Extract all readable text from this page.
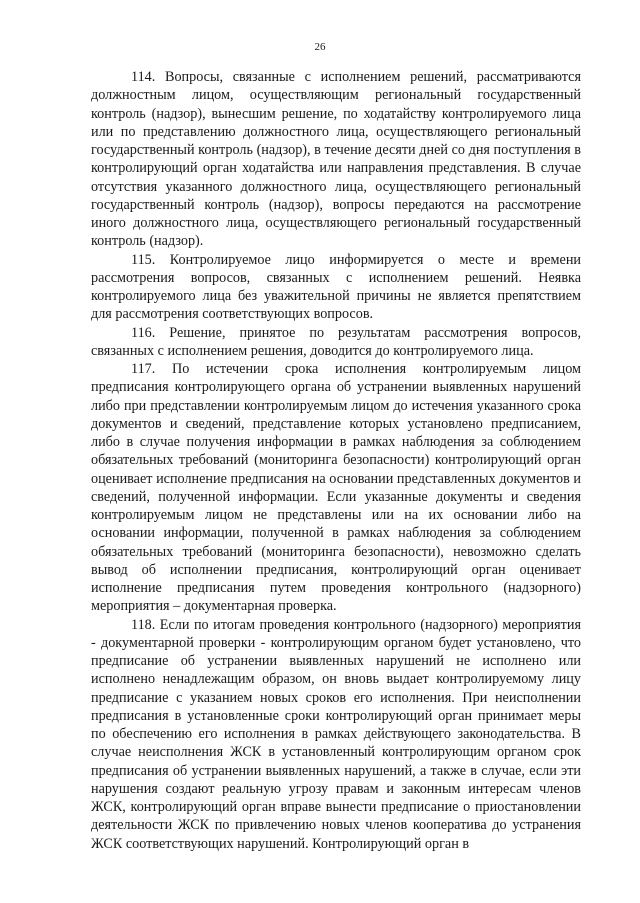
26

114. Вопросы, связанные с исполнением решений, рассматриваются должностным лицом, осуществляющим региональный государственный контроль (надзор), вынесшим решение, по ходатайству контролируемого лица или по представлению должностного лица, осуществляющего региональный государственный контроль (надзор), в течение десяти дней со дня поступления в контролирующий орган ходатайства или направления представления. В случае отсутствия указанного должностного лица, осуществляющего региональный государственный контроль (надзор), вопросы передаются на рассмотрение иного должностного лица, осуществляющего региональный государственный контроль (надзор).

115. Контролируемое лицо информируется о месте и времени рассмотрения вопросов, связанных с исполнением решений. Неявка контролируемого лица без уважительной причины не является препятствием для рассмотрения соответствующих вопросов.

116. Решение, принятое по результатам рассмотрения вопросов, связанных с исполнением решения, доводится до контролируемого лица.

117. По истечении срока исполнения контролируемым лицом предписания контролирующего органа об устранении выявленных нарушений либо при представлении контролируемым лицом до истечения указанного срока документов и сведений, представление которых установлено предписанием, либо в случае получения информации в рамках наблюдения за соблюдением обязательных требований (мониторинга безопасности) контролирующий орган оценивает исполнение предписания на основании представленных документов и сведений, полученной информации. Если указанные документы и сведения контролируемым лицом не представлены или на их основании либо на основании информации, полученной в рамках наблюдения за соблюдением обязательных требований (мониторинга безопасности), невозможно сделать вывод об исполнении предписания, контролирующий орган оценивает исполнение предписания путем проведения контрольного (надзорного) мероприятия – документарная проверка.

118. Если по итогам проведения контрольного (надзорного) мероприятия - документарной проверки - контролирующим органом будет установлено, что предписание об устранении выявленных нарушений не исполнено или исполнено ненадлежащим образом, он вновь выдает контролируемому лицу предписание с указанием новых сроков его исполнения. При неисполнении предписания в установленные сроки контролирующий орган принимает меры по обеспечению его исполнения в рамках действующего законодательства. В случае неисполнения ЖСК в установленный контролирующим органом срок предписания об устранении выявленных нарушений, а также в случае, если эти нарушения создают реальную угрозу правам и законным интересам членов ЖСК, контролирующий орган вправе вынести предписание о приостановлении деятельности ЖСК по привлечению новых членов кооператива до устранения ЖСК соответствующих нарушений. Контролирующий орган в
